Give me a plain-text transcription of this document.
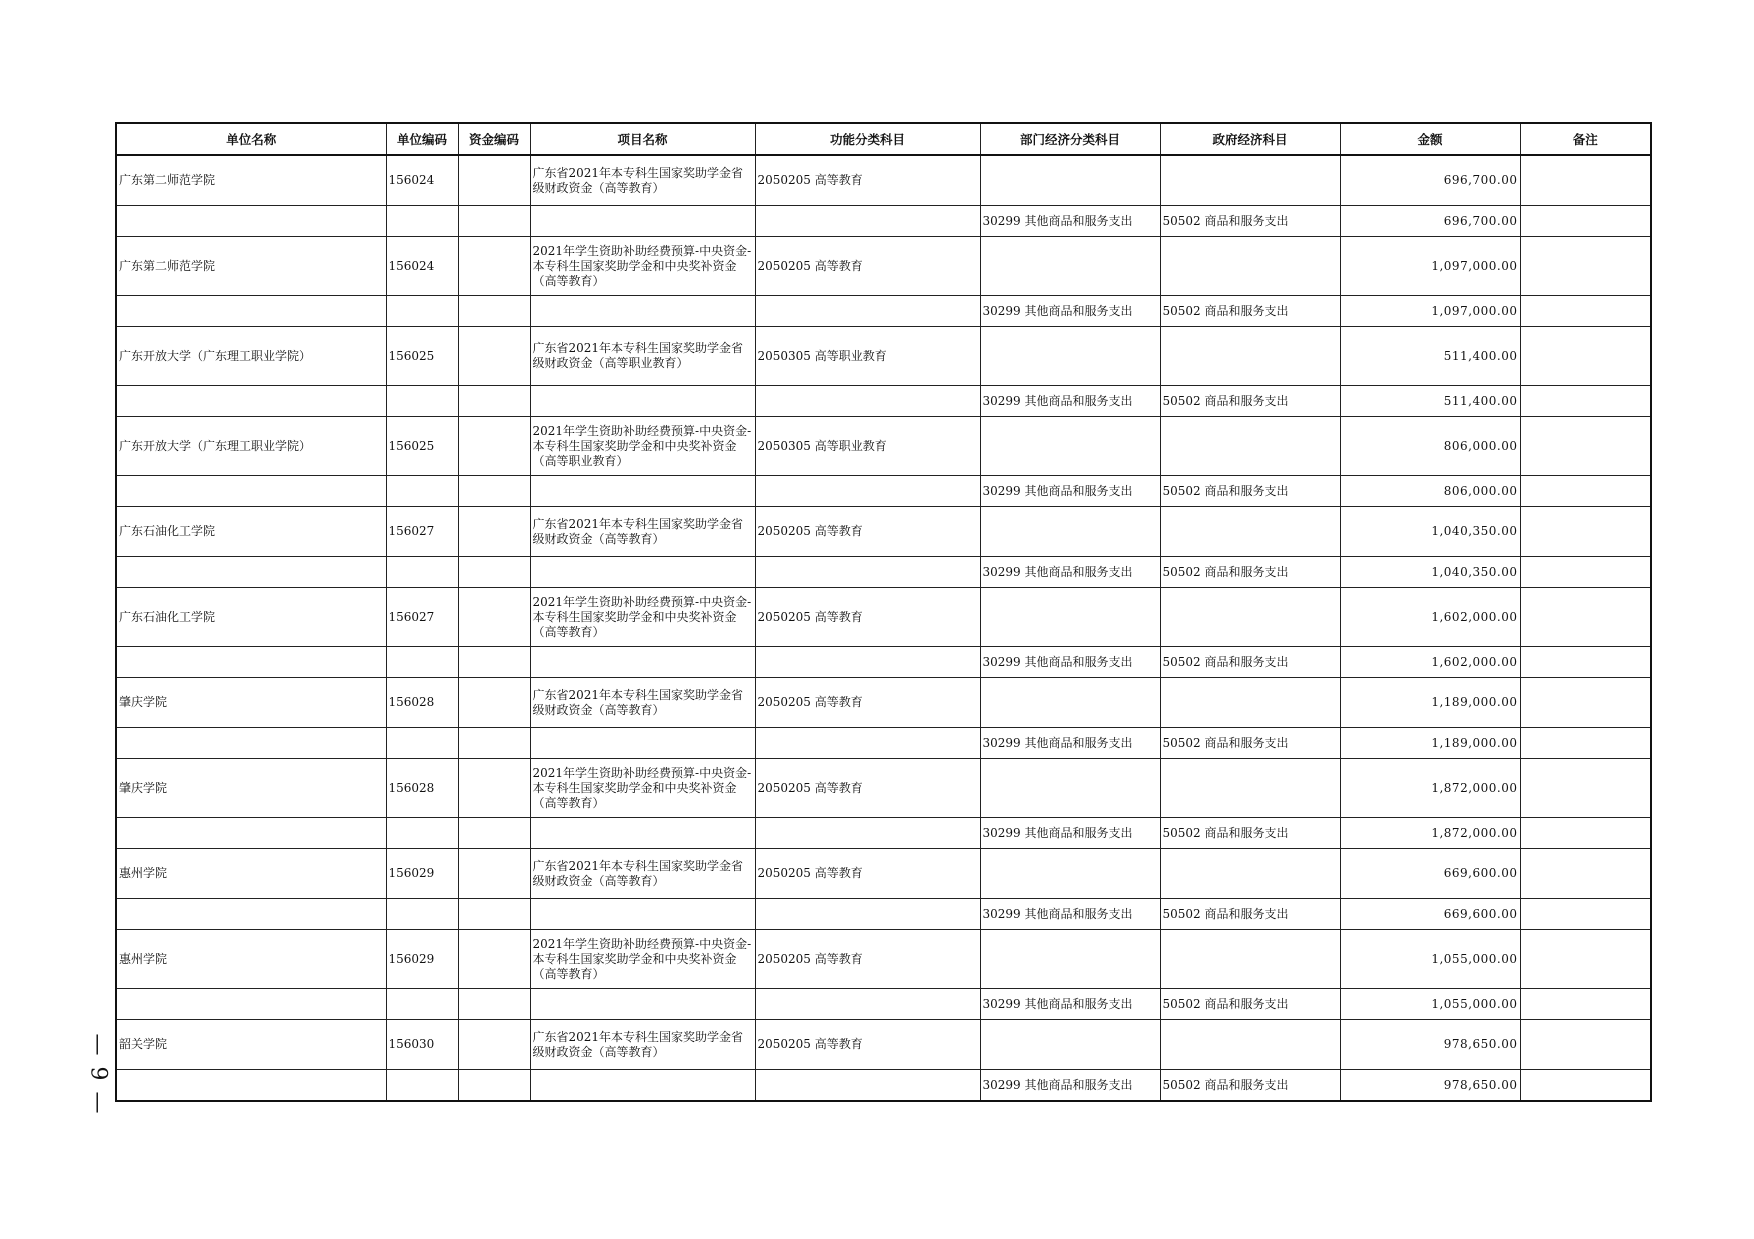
单位名称	单位编码	资金编码	项目名称	功能分类科目	部门经济分类科目	政府经济科目	金额	备注
广东第二师范学院	156024		广东省2021年本专科生国家奖助学金省级财政资金（高等教育）	2050205 高等教育			696,700.00	
					30299 其他商品和服务支出	50502 商品和服务支出	696,700.00	
广东第二师范学院	156024		2021年学生资助补助经费预算-中央资金-本专科生国家奖助学金和中央奖补资金（高等教育）	2050205 高等教育			1,097,000.00	
					30299 其他商品和服务支出	50502 商品和服务支出	1,097,000.00	
广东开放大学（广东理工职业学院）	156025		广东省2021年本专科生国家奖助学金省级财政资金（高等职业教育）	2050305 高等职业教育			511,400.00	
					30299 其他商品和服务支出	50502 商品和服务支出	511,400.00	
广东开放大学（广东理工职业学院）	156025		2021年学生资助补助经费预算-中央资金-本专科生国家奖助学金和中央奖补资金（高等职业教育）	2050305 高等职业教育			806,000.00	
					30299 其他商品和服务支出	50502 商品和服务支出	806,000.00	
广东石油化工学院	156027		广东省2021年本专科生国家奖助学金省级财政资金（高等教育）	2050205 高等教育			1,040,350.00	
					30299 其他商品和服务支出	50502 商品和服务支出	1,040,350.00	
广东石油化工学院	156027		2021年学生资助补助经费预算-中央资金-本专科生国家奖助学金和中央奖补资金（高等教育）	2050205 高等教育			1,602,000.00	
					30299 其他商品和服务支出	50502 商品和服务支出	1,602,000.00	
肇庆学院	156028		广东省2021年本专科生国家奖助学金省级财政资金（高等教育）	2050205 高等教育			1,189,000.00	
					30299 其他商品和服务支出	50502 商品和服务支出	1,189,000.00	
肇庆学院	156028		2021年学生资助补助经费预算-中央资金-本专科生国家奖助学金和中央奖补资金（高等教育）	2050205 高等教育			1,872,000.00	
					30299 其他商品和服务支出	50502 商品和服务支出	1,872,000.00	
惠州学院	156029		广东省2021年本专科生国家奖助学金省级财政资金（高等教育）	2050205 高等教育			669,600.00	
					30299 其他商品和服务支出	50502 商品和服务支出	669,600.00	
惠州学院	156029		2021年学生资助补助经费预算-中央资金-本专科生国家奖助学金和中央奖补资金（高等教育）	2050205 高等教育			1,055,000.00	
					30299 其他商品和服务支出	50502 商品和服务支出	1,055,000.00	
韶关学院	156030		广东省2021年本专科生国家奖助学金省级财政资金（高等教育）	2050205 高等教育			978,650.00	
					30299 其他商品和服务支出	50502 商品和服务支出	978,650.00	
— 9 —
